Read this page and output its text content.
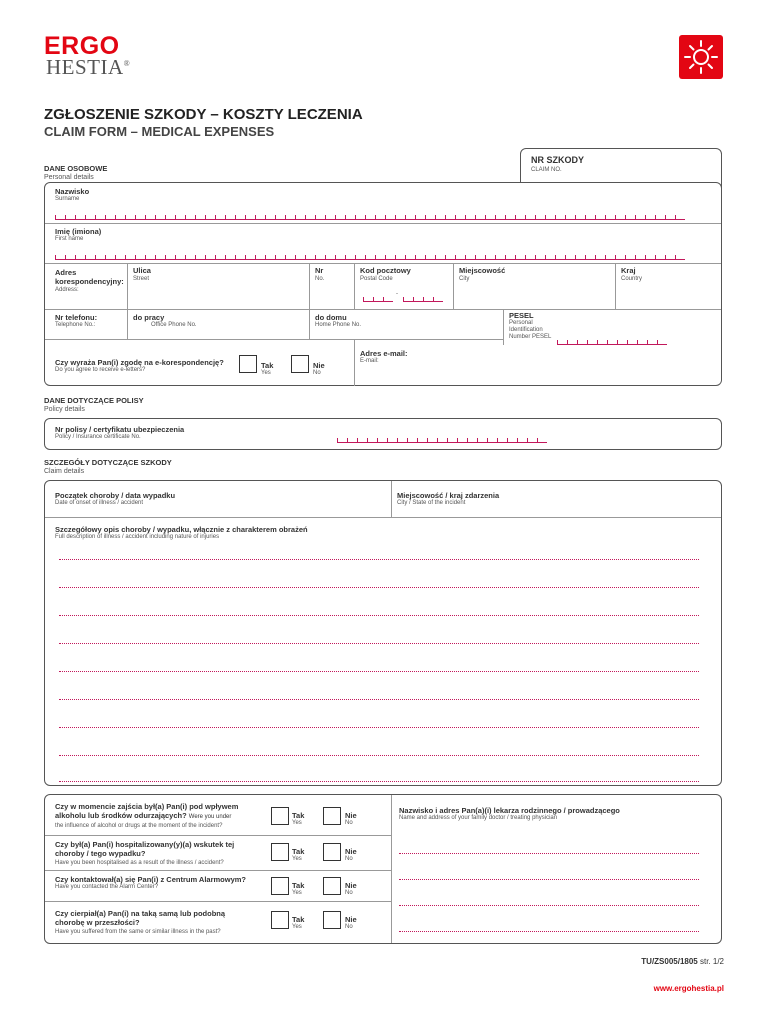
ERGO
HESTIA®
ZGŁOSZENIE SZKODY – KOSZTY LECZENIA
CLAIM FORM – MEDICAL EXPENSES
NR SZKODY
CLAIM NO.
DANE OSOBOWE
Personal details
Nazwisko
Surname
Imię (imiona)
First name
Adres korespondencyjny:
Address:
Ulica
Street
Nr
No.
Kod pocztowy
Postal Code
-
Miejscowość
City
Kraj
Country
Nr telefonu:
Telephone No.:
do pracy
Office Phone No.
do domu
Home Phone No.
PESEL
Personal Identification Number PESEL
Czy wyraża Pan(i) zgodę na e-korespondencję?
Do you agree to receive e-letters?	Tak
Yes
Nie
No
Adres e-mail:
E-mail:
DANE DOTYCZĄCE POLISY
Policy details
Nr polisy / certyfikatu ubezpieczenia
Policy / Insurance certificate No.
SZCZEGÓŁY DOTYCZĄCE SZKODY
Claim details
Początek choroby / data wypadku
Date of onset of illness / accident
Miejscowość / kraj zdarzenia
City / State of the incident
Szczegółowy opis choroby / wypadku, włącznie z charakterem obrażeń
Full description of illness / accident including nature of injuries
Czy w momencie zajścia był(a) Pan(i) pod wpływem alkoholu lub środków odurzających? Were you under
the influence of alcohol or drugs at the moment of the incident?
Tak
Yes
Nie
No
Czy był(a) Pan(i) hospitalizowany(y)(a) wskutek tej choroby / tego wypadku?
Have you been hospitalised as a result of the illness / accident?
Tak
Yes
Nie
No
Czy kontaktował(a) się Pan(i) z Centrum Alarmowym?
Have you contacted the Alarm Center?	Tak
Yes
Nie
No
Czy cierpiał(a) Pan(i) na taką samą lub podobną chorobę w przeszłości?
Have you suffered from the same or similar illness in the past?
Tak
Yes
Nie
No
Nazwisko i adres Pan(a)(i) lekarza rodzinnego / prowadzącego
Name and address of your family doctor / treating physician
TU/ZS005/1805 str. 1/2
www.ergohestia.pl
